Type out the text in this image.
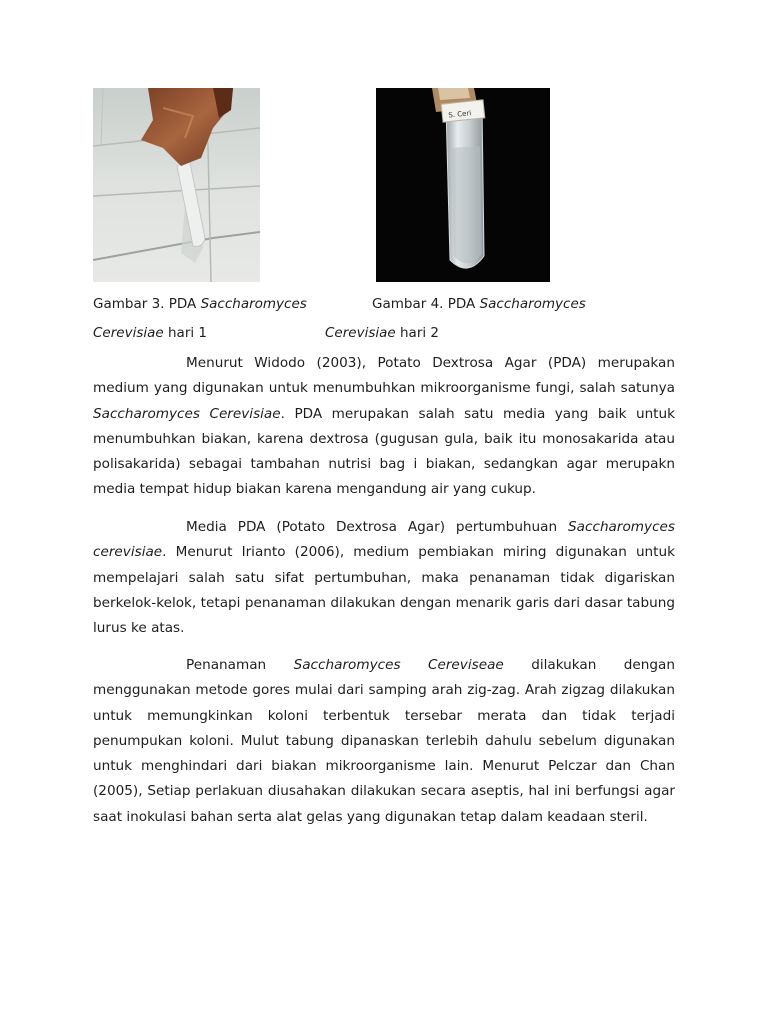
S. Ceri
Gambar 3. PDA Saccharomyces	Gambar 4. PDA Saccharomyces
Cerevisiae hari 1	Cerevisiae hari 2

Menurut Widodo (2003), Potato Dextrosa Agar (PDA) merupakan medium yang digunakan untuk menumbuhkan mikroorganisme fungi, salah satunya Saccharomyces Cerevisiae. PDA merupakan salah satu media yang baik untuk menumbuhkan biakan, karena dextrosa (gugusan gula, baik itu monosakarida atau polisakarida) sebagai tambahan nutrisi bag i biakan, sedangkan agar merupakn media tempat hidup biakan karena mengandung air yang cukup.

Media PDA (Potato Dextrosa Agar) pertumbuhuan Saccharomyces cerevisiae. Menurut Irianto (2006), medium pembiakan miring digunakan untuk mempelajari salah satu sifat pertumbuhan, maka penanaman tidak digariskan berkelok-kelok, tetapi penanaman dilakukan dengan menarik garis dari dasar tabung lurus ke atas.

Penanaman Saccharomyces Cereviseae dilakukan dengan menggunakan metode gores mulai dari samping arah zig-zag. Arah zigzag dilakukan untuk memungkinkan koloni terbentuk tersebar merata dan tidak terjadi penumpukan koloni. Mulut tabung dipanaskan terlebih dahulu sebelum digunakan untuk menghindari dari biakan mikroorganisme lain. Menurut Pelczar dan Chan (2005), Setiap perlakuan diusahakan dilakukan secara aseptis, hal ini berfungsi agar saat inokulasi bahan serta alat gelas yang digunakan tetap dalam keadaan steril.
